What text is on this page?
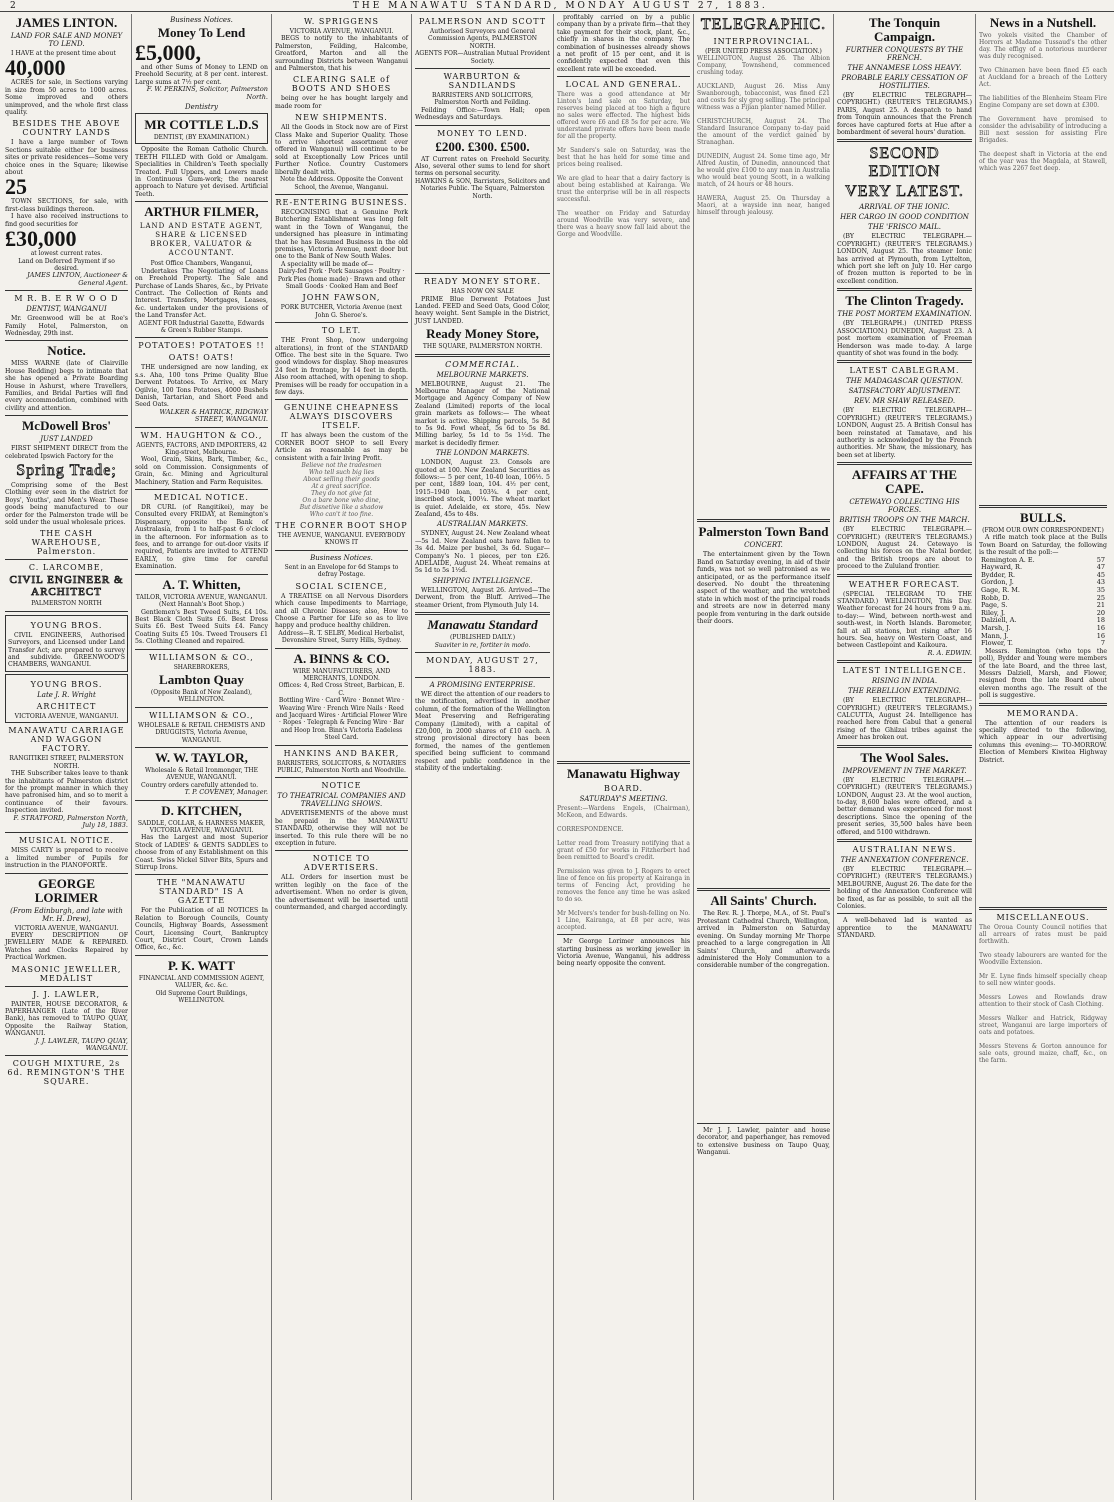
2	THE MANAWATU STANDARD, MONDAY AUGUST 27, 1883.
JAMES LINTON.
LAND FOR SALE AND MONEY TO LEND.

I HAVE at the present time about

40,000

ACRES for sale, in Sections varying in size from 50 acres to 1000 acres. Some improved and others unimproved, and the whole first class quality.

BESIDES THE ABOVE COUNTRY LANDS

I have a large number of Town Sections suitable either for business sites or private residences—Some very choice ones in the Square; likewise about

25

TOWN SECTIONS, for sale, with first-class buildings thereon.

I have also received instructions to find good securities for

£30,000
at lowest current rates.
Land on Deferred Payment if so desired.
JAMES LINTON, Auctioneer & General Agent.
M R. B. E R W O O D
DENTIST, WANGANUI

Mr. Greenwood will be at Roe's Family Hotel, Palmerston, on Wednesday, 29th inst.

Notice.

MISS WARNE (late of Clairville House Redding) begs to intimate that she has opened a Private Boarding House in Ashurst, where Travellers, Families, and Bridal Parties will find every accommodation, combined with civility and attention.

McDowell Bros'
JUST LANDED

FIRST SHIPMENT DIRECT from the celebrated Ipswich Factory for the

Spring Trade;

Comprising some of the Best Clothing ever seen in the district for Boys', Youths', and Men's Wear. These goods being manufactured to our order for the Palmerston trade will be sold under the usual wholesale prices.

THE CASH WAREHOUSE, Palmerston.
C. LARCOMBE,
CIVIL ENGINEER & ARCHITECT
PALMERSTON NORTH
YOUNG BROS.

CIVIL ENGINEERS, Authorised Surveyors, and Licensed under Land Transfer Act; are prepared to survey and subdivide. GREENWOOD'S CHAMBERS, WANGANUI.

YOUNG BROS.
Late J. R. Wright
ARCHITECT
VICTORIA AVENUE, WANGANUI.
MANAWATU CARRIAGE AND WAGGON FACTORY.
RANGITIKEI STREET, PALMERSTON NORTH.

THE Subscriber takes leave to thank the inhabitants of Palmerston district for the prompt manner in which they have patronised him, and so to merit a continuance of their favours. Inspection invited.

F. STRATFORD, Palmerston North, July 18, 1883.
MUSICAL NOTICE.

MISS CARTY is prepared to receive a limited number of Pupils for instruction in the PIANOFORTE.

GEORGE LORIMER
(From Edinburgh, and late with Mr. H. Drew),
VICTORIA AVENUE, WANGANUI.

EVERY DESCRIPTION OF JEWELLERY MADE & REPAIRED. Watches and Clocks Repaired by Practical Workmen.

MASONIC JEWELLER, MEDALIST
J. J. LAWLER,

PAINTER, HOUSE DECORATOR, & PAPERHANGER (Late of the River Bank), has removed to TAUPO QUAY, Opposite the Railway Station, WANGANUI.

J. J. LAWLER, TAUPO QUAY, WANGANUI.
COUGH MIXTURE, 2s 6d. REMINGTON'S THE SQUARE.
Business Notices.
Money To Lend
£5,000,

and other Sums of Money to LEND on Freehold Security, at 8 per cent. interest. Large sums at 7½ per cent.

F. W. PERKINS, Solicitor, Palmerston North.
Dentistry
MR COTTLE L.D.S
DENTIST, (BY EXAMINATION.)

Opposite the Roman Catholic Church. TEETH FILLED with Gold or Amalgam. Specialities in Children's Teeth specially Treated. Full Uppers, and Lowers made in Continuous Gum-work; the nearest approach to Nature yet devised. Artificial Teeth.

ARTHUR FILMER,
LAND AND ESTATE AGENT, SHARE & LICENSED BROKER, VALUATOR & ACCOUNTANT.
Post Office Chambers, Wanganui,

Undertakes The Negotiating of Loans on Freehold Property. The Sale and Purchase of Lands Shares, &c., by Private Contract. The Collection of Rents and Interest. Transfers, Mortgages, Leases, &c. undertaken under the provisions of the Land Transfer Act.

AGENT FOR Industrial Gazette, Edwards & Green's Rubber Stamps.
POTATOES! POTATOES !!
OATS! OATS!

THE undersigned are now landing, ex s.s. Aha, 100 tons Prime Quality Blue Derwent Potatoes. To Arrive, ex Mary Ogilvie, 100 Tons Potatoes, 4000 Bushels Danish, Tartarian, and Short Feed and Seed Oats.

WALKER & HATRICK, RIDGWAY STREET, WANGANUI.
WM. HAUGHTON & CO.,
AGENTS, FACTORS, AND IMPORTERS, 42 King-street, Melbourne.

Wool, Grain, Skins, Bark, Timber, &c., sold on Commission. Consignments of Grain, &c. Mining and Agricultural Machinery, Station and Farm Requisites.

MEDICAL NOTICE.

DR CURL (of Rangitikei), may be Consulted every FRIDAY, at Remington's Dispensary, opposite the Bank of Australasia, from 1 to half-past 6 o'clock in the afternoon. For information as to fees, and to arrange for out-door visits if required, Patients are invited to ATTEND EARLY, to give time for careful Examination.

A. T. Whitten,
TAILOR, VICTORIA AVENUE, WANGANUI. (Next Hannah's Boot Shop.)

Gentlemen's Best Tweed Suits, £4 10s. Best Black Cloth Suits £6. Best Dress Suits £6. Best Tweed Suits £4. Fancy Coating Suits £5 10s. Tweed Trousers £1 5s. Clothing Cleaned and repaired.

WILLIAMSON & CO.,
SHAREBROKERS,
Lambton Quay
(Opposite Bank of New Zealand), WELLINGTON.
WILLIAMSON & CO.,
WHOLESALE & RETAIL CHEMISTS AND DRUGGISTS, Victoria Avenue, WANGANUI.
W. W. TAYLOR,
Wholesale & Retail Ironmonger, THE AVENUE, WANGANUI.

Country orders carefully attended to.

T. P. COVENEY, Manager.
D. KITCHEN,
SADDLE, COLLAR, & HARNESS MAKER, VICTORIA AVENUE, WANGANUI.

Has the Largest and most Superior Stock of LADIES' & GENTS SADDLES to choose from of any Establishment on this Coast. Swiss Nickel Silver Bits, Spurs and Stirrup Irons.

THE "MANAWATU STANDARD" IS A GAZETTE

For the Publication of all NOTICES In Relation to Borough Councils, County Councils, Highway Boards, Assessment Court, Licensing Court, Bankruptcy Court, District Court, Crown Lands Office, &c., &c.

P. K. WATT
FINANCIAL AND COMMISSION AGENT, VALUER, &c. &c.
Old Supreme Court Buildings, WELLINGTON.
W. SPRIGGENS
VICTORIA AVENUE, WANGANUI.

BEGS to notify to the inhabitants of Palmerston, Feilding, Halcombe, Greatford, Marton and all the surrounding Districts between Wanganui and Palmerston, that his

CLEARING SALE of BOOTS AND SHOES

being over he has bought largely and made room for

NEW SHIPMENTS.

All the Goods in Stock now are of First Class Make and Superior Quality. Those to arrive (shortest assortment ever offered in Wanganui) will continue to be sold at Exceptionally Low Prices until Further Notice. Country Customers liberally dealt with.

Note the Address. Opposite the Convent School, the Avenue, Wanganui.
RE-ENTERING BUSINESS.

RECOGNISING that a Genuine Pork Butchering Establishment was long felt want in the Town of Wanganui, the undersigned has pleasure in intimating that he has Resumed Business in the old premises, Victoria Avenue, next door but one to the Bank of New South Wales.

A speciality will be made of—

Dairy-fed Pork · Pork Sausages · Poultry · Pork Pies (home made) · Brawn and other Small Goods · Cooked Ham and Beef
JOHN FAWSON,
PORK BUTCHER, Victoria Avenue (next John G. Sheroe's.
TO LET.

THE Front Shop, (now undergoing alterations), in front of the STANDARD Office. The best site in the Square. Two good windows for display. Shop measures 24 feet in frontage, by 14 feet in depth. Also room attached, with opening to shop. Premises will be ready for occupation in a few days.

GENUINE CHEAPNESS ALWAYS DISCOVERS ITSELF.

IT has always been the custom of the CORNER BOOT SHOP to sell Every Article as reasonable as may be consistent with a fair living Profit.

Believe not the tradesmen
Who tell such big lies
About selling their goods
At a great sacrifice.
They do not give fat
On a bare bone who dine,
But disnetive like a shadow
Who can't it too fine.
THE CORNER BOOT SHOP
THE AVENUE, WANGANUI. EVERYBODY KNOWS IT
Business Notices.
Sent in an Envelope for 6d Stamps to defray Postage.
SOCIAL SCIENCE,

A TREATISE on all Nervous Disorders which cause Impediments to Marriage, and all Chronic Diseases; also, How to Choose a Partner for Life so as to live happy and produce healthy children.

Address—R. T. SELBY, Medical Herbalist, Devonshire Street, Surry Hills, Sydney.
A. BINNS & CO.
WIRE MANUFACTURERS, AND MERCHANTS, LONDON.
Offices: 4, Red Cross Street, Barbican, E. C.
Bottling Wire · Card Wire · Bonnet Wire · Weaving Wire · French Wire Nails · Reed and Jacquard Wires · Artificial Flower Wire · Ropes · Telegraph & Fencing Wire · Bar and Hoop Iron. Binn's Victoria Eadeless Steel Card.
HANKINS AND BAKER,
BARRISTERS, SOLICITORS, & NOTARIES PUBLIC, Palmerston North and Woodville.
NOTICE
TO THEATRICAL COMPANIES AND TRAVELLING SHOWS.

ADVERTISEMENTS of the above must be prepaid in the MANAWATU STANDARD, otherwise they will not be inserted. To this rule there will be no exception in future.

NOTICE TO ADVERTISERS.

ALL Orders for insertion must be written legibly on the face of the advertisement. When no order is given, the advertisement will be inserted until countermanded, and charged accordingly.

PALMERSON AND SCOTT
Authorised Surveyors and General Commission Agents, PALMERSTON NORTH.
AGENTS FOR—Australian Mutual Provident Society.
WARBURTON & SANDILANDS
BARRISTERS AND SOLICITORS, Palmerston North and Feilding.

Feilding Office:—Town Hall; open Wednesdays and Saturdays.

MONEY TO LEND.
£200. £300. £500.

AT Current rates on Freehold Security. Also, several other sums to lend for short terms on personal security.

HAWKINS & SON, Barristers, Solicitors and Notaries Public. The Square, Palmerston North.
READY MONEY STORE.
HAS NOW ON SALE

PRIME Blue Derwent Potatoes Just Landed. FEED and Seed Oats, Good Color, heavy weight. Sent Sample in the District, JUST LANDED.

Ready Money Store,
THE SQUARE, PALMERSTON NORTH.
COMMERCIAL.
MELBOURNE MARKETS.

MELBOURNE, August 21. The Melbourne Manager of the National Mortgage and Agency Company of New Zealand (Limited) reports of the local grain markets as follows:— The wheat market is active. Shipping parcels, 5s 8d to 5s 9d. Fowl wheat, 5s 6d to 5s 8d. Milling barley, 5s 1d to 5s 1½d. The market is decidedly firmer.

THE LONDON MARKETS.

LONDON, August 23. Consols are quoted at 100. New Zealand Securities as follows:— 5 per cent, 10-40 loan, 106½. 5 per cent, 1889 loan, 104. 4½ per cent, 1915–1940 loan, 103¾. 4 per cent, inscribed stock, 100¼. The wheat market is quiet. Adelaide, ex store, 45s. New Zealand, 45s to 48s.

AUSTRALIAN MARKETS.

SYDNEY, August 24. New Zealand wheat—5s 1d. New Zealand oats have fallen to 3s 4d. Maize per bushel, 3s 6d. Sugar—Company's No. 1 pieces, per ton £26. ADELAIDE, August 24. Wheat remains at 5s 1d to 5s 1½d.

SHIPPING INTELLIGENCE.

WELLINGTON, August 26. Arrived—The Derwent, from the Bluff. Arrived—The steamer Orient, from Plymouth July 14.

Manawatu Standard
(PUBLISHED DAILY.)
Suaviter in re, fortiter in modo.
MONDAY, AUGUST 27, 1883.
A PROMISING ENTERPRISE.

WE direct the attention of our readers to the notification, advertised in another column, of the formation of the Wellington Meat Preserving and Refrigerating Company (Limited), with a capital of £20,000, in 2000 shares of £10 each. A strong provisional directory has been formed, the names of the gentlemen specified being sufficient to command respect and public confidence in the stability of the undertaking.

profitably carried on by a public company than by a private firm—that they take payment for their stock, plant, &c., chiefly in shares in the company. The combination of businesses already shows a net profit of 15 per cent, and it is confidently expected that even this excellent rate will be exceeded.

LOCAL AND GENERAL.
There was a good attendance at Mr Linton's land sale on Saturday, but reserves being placed at too high a figure no sales were effected. The highest bids offered were £6 and £8 5s for per acre. We understand private offers have been made for all the property.

Mr Sanders's sale on Saturday, was the best that he has held for some time and prices being realised.

We are glad to hear that a dairy factory is about being established at Kairanga. We trust the enterprise will be in all respects successful.

The weather on Friday and Saturday around Woodville was very severe, and there was a heavy snow fall laid about the Gorge and Woodville.
Manawatu Highway
BOARD.
SATURDAY'S MEETING.
Present:—Wardens Engels, (Chairman), McKeon, and Edwards.

CORRESPONDENCE.

Letter read from Treasury notifying that a grant of £50 for works in Fitzherbert had been remitted to Board's credit.

Permission was given to J. Rogers to erect line of fence on his property at Kairanga in terms of Fencing Act, providing he removes the fence any time he was asked to do so.

Mr McIvers's tender for bush-felling on No. 1 Line, Kairanga, at £8 per acre, was accepted.

Mr George Lorimer announces his starting business as working jeweller in Victoria Avenue, Wanganui, his address being nearly opposite the convent.

TELEGRAPHIC.
INTERPROVINCIAL.
(PER UNITED PRESS ASSOCIATION.)
WELLINGTON, August 26. The Albion Company, Townshend, commenced crushing today.

AUCKLAND, August 26. Miss Amy Swanborough, tobacconist, was fined £21 and costs for sly grog selling. The principal witness was a Fijian planter named Miller.

CHRISTCHURCH, August 24. The Standard Insurance Company to-day paid the amount of the verdict gained by Stranaghan.

DUNEDIN, August 24. Some time ago, Mr Alfred Austin, of Dunedin, announced that he would give £100 to any man in Australia who would beat young Scott, in a walking match, of 24 hours or 48 hours.

HAWERA, August 25. On Thursday a Maori, at a wayside inn near, hanged himself through jealousy.
Palmerston Town Band
CONCERT.

The entertainment given by the Town Band on Saturday evening, in aid of their funds, was not so well patronised as we anticipated, or as the performance itself deserved. No doubt the threatening aspect of the weather, and the wretched state in which most of the principal roads and streets are now in deterred many people from venturing in the dark outside their doors.

All Saints' Church.

The Rev. R. J. Thorpe, M.A., of St. Paul's Protestant Cathedral Church, Wellington, arrived in Palmerston on Saturday evening. On Sunday morning Mr Thorpe preached to a large congregation in All Saints' Church, and afterwards administered the Holy Communion to a considerable number of the congregation.

Mr J. J. Lawler, painter and house decorator, and paperhanger, has removed to extensive business on Taupo Quay, Wanganui.

The Tonquin Campaign.
FURTHER CONQUESTS BY THE FRENCH.
THE ANNAMESE LOSS HEAVY.
PROBABLE EARLY CESSATION OF HOSTILITIES.

(BY ELECTRIC TELEGRAPH—COPYRIGHT.) (REUTER'S TELEGRAMS.) PARIS, August 25. A despatch to hand from Tonquin announces that the French forces have captured forts at Hue after a bombardment of several hours' duration.

SECOND EDITION
VERY LATEST.
ARRIVAL OF THE IONIC.
HER CARGO IN GOOD CONDITION
THE 'FRISCO MAIL.

(BY ELECTRIC TELEGRAPH.—COPYRIGHT.) (REUTER'S TELEGRAMS.) LONDON, August 25. The steamer Ionic has arrived at Plymouth, from Lyttelton, which port she left on July 10. Her cargo of frozen mutton is reported to be in excellent condition.

The Clinton Tragedy.
THE POST MORTEM EXAMINATION.

(BY TELEGRAPH.) (UNITED PRESS ASSOCIATION.) DUNEDIN, August 23. A post mortem examination of Freeman Henderson was made to-day. A large quantity of shot was found in the body.

LATEST CABLEGRAM.
THE MADAGASCAR QUESTION.
SATISFACTORY ADJUSTMENT.
REV. MR SHAW RELEASED.

(BY ELECTRIC TELEGRAPH—COPYRIGHT.) (REUTER'S TELEGRAMS.) LONDON, August 25. A British Consul has been reinstated at Tamatave, and his authority is acknowledged by the French authorities. Mr Shaw, the missionary, has been set at liberty.

AFFAIRS AT THE CAPE.
CETEWAYO COLLECTING HIS FORCES.
BRITISH TROOPS ON THE MARCH.

(BY ELECTRIC TELEGRAPH.—COPYRIGHT.) (REUTER'S TELEGRAMS.) LONDON, August 24. Cetewayo is collecting his forces on the Natal border, and the British troops are about to proceed to the Zululand frontier.

WEATHER FORECAST.

(SPECIAL TELEGRAM TO THE STANDARD.) WELLINGTON, This Day. Weather forecast for 24 hours from 9 a.m. to-day:— Wind, between north-west and south-west, in North Islands. Barometer, fall at all stations, but rising after 16 hours. Sea, heavy on Western Coast, and between Castlepoint and Kaikoura.

R. A. EDWIN.
LATEST INTELLIGENCE.
RISING IN INDIA.
THE REBELLION EXTENDING.

(BY ELECTRIC TELEGRAPH—COPYRIGHT.) (REUTER'S TELEGRAMS.) CALCUTTA, August 24. Intelligence has reached here from Cabul that a general rising of the Ghilzai tribes against the Ameer has broken out.

The Wool Sales.
IMPROVEMENT IN THE MARKET.

(BY ELECTRIC TELEGRAPH.—COPYRIGHT.) (REUTER'S TELEGRAMS.) LONDON, August 23. At the wool auction, to-day, 8,600 bales were offered, and a better demand was experienced for most descriptions. Since the opening of the present series, 35,500 bales have been offered, and 5100 withdrawn.

AUSTRALIAN NEWS.
THE ANNEXATION CONFERENCE.

(BY ELECTRIC TELEGRAPH.—COPYRIGHT.) (REUTER'S TELEGRAMS.) MELBOURNE, August 26. The date for the holding of the Annexation Conference will be fixed, as far as possible, to suit all the Colonies.

A well-behaved lad is wanted as apprentice to the MANAWATU STANDARD.

News in a Nutshell.
Two yokels visited the Chamber of Horrors at Madame Tussaud's the other day. The effigy of a notorious murderer was duly recognised.

Two Chinamen have been fined £5 each at Auckland for a breach of the Lottery Act.

The liabilities of the Blenheim Steam Fire Engine Company are set down at £300.

The Government have promised to consider the advisability of introducing a Bill next session for assisting Fire Brigades.

The deepest shaft in Victoria at the end of the year was the Magdala, at Stawell, which was 2267 feet deep.
BULLS.
(FROM OUR OWN CORRESPONDENT.)

A rifle match took place at the Bulls Town Board on Saturday, the following is the result of the poll:—

Remington A. E.	57
Hayward, R.	47
Bydder, R.	45
Gordon, J.	43
Gage, R. M.	35
Robb, D.	25
Page, S.	21
Riley, J.	20
Dalziell, A.	18
Marsh, J.	16
Mann, J.	16
Flower, T.	7

Messrs. Remington (who tops the poll), Bydder and Young were members of the late Board, and the three last, Messrs Dalziell, Marsh, and Flower, resigned from the late Board about eleven months ago. The result of the poll is suggestive.

MEMORANDA.

The attention of our readers is specially directed to the following, which appear in our advertising columns this evening:— TO-MORROW. Election of Members Kiwitea Highway District.

MISCELLANEOUS.
The Oroua County Council notifies that all arrears of rates must be paid forthwith.

Two steady labourers are wanted for the Woodville Extension.

Mr E. Lyne finds himself specially cheap to sell new winter goods.

Messrs Lowes and Rowlands draw attention to their stock of Cash Clothing.

Messrs Walker and Hatrick, Ridgway street, Wanganui are large importers of oats and potatoes.

Messrs Stevens & Gorton announce for sale oats, ground maize, chaff, &c., on the farm.
